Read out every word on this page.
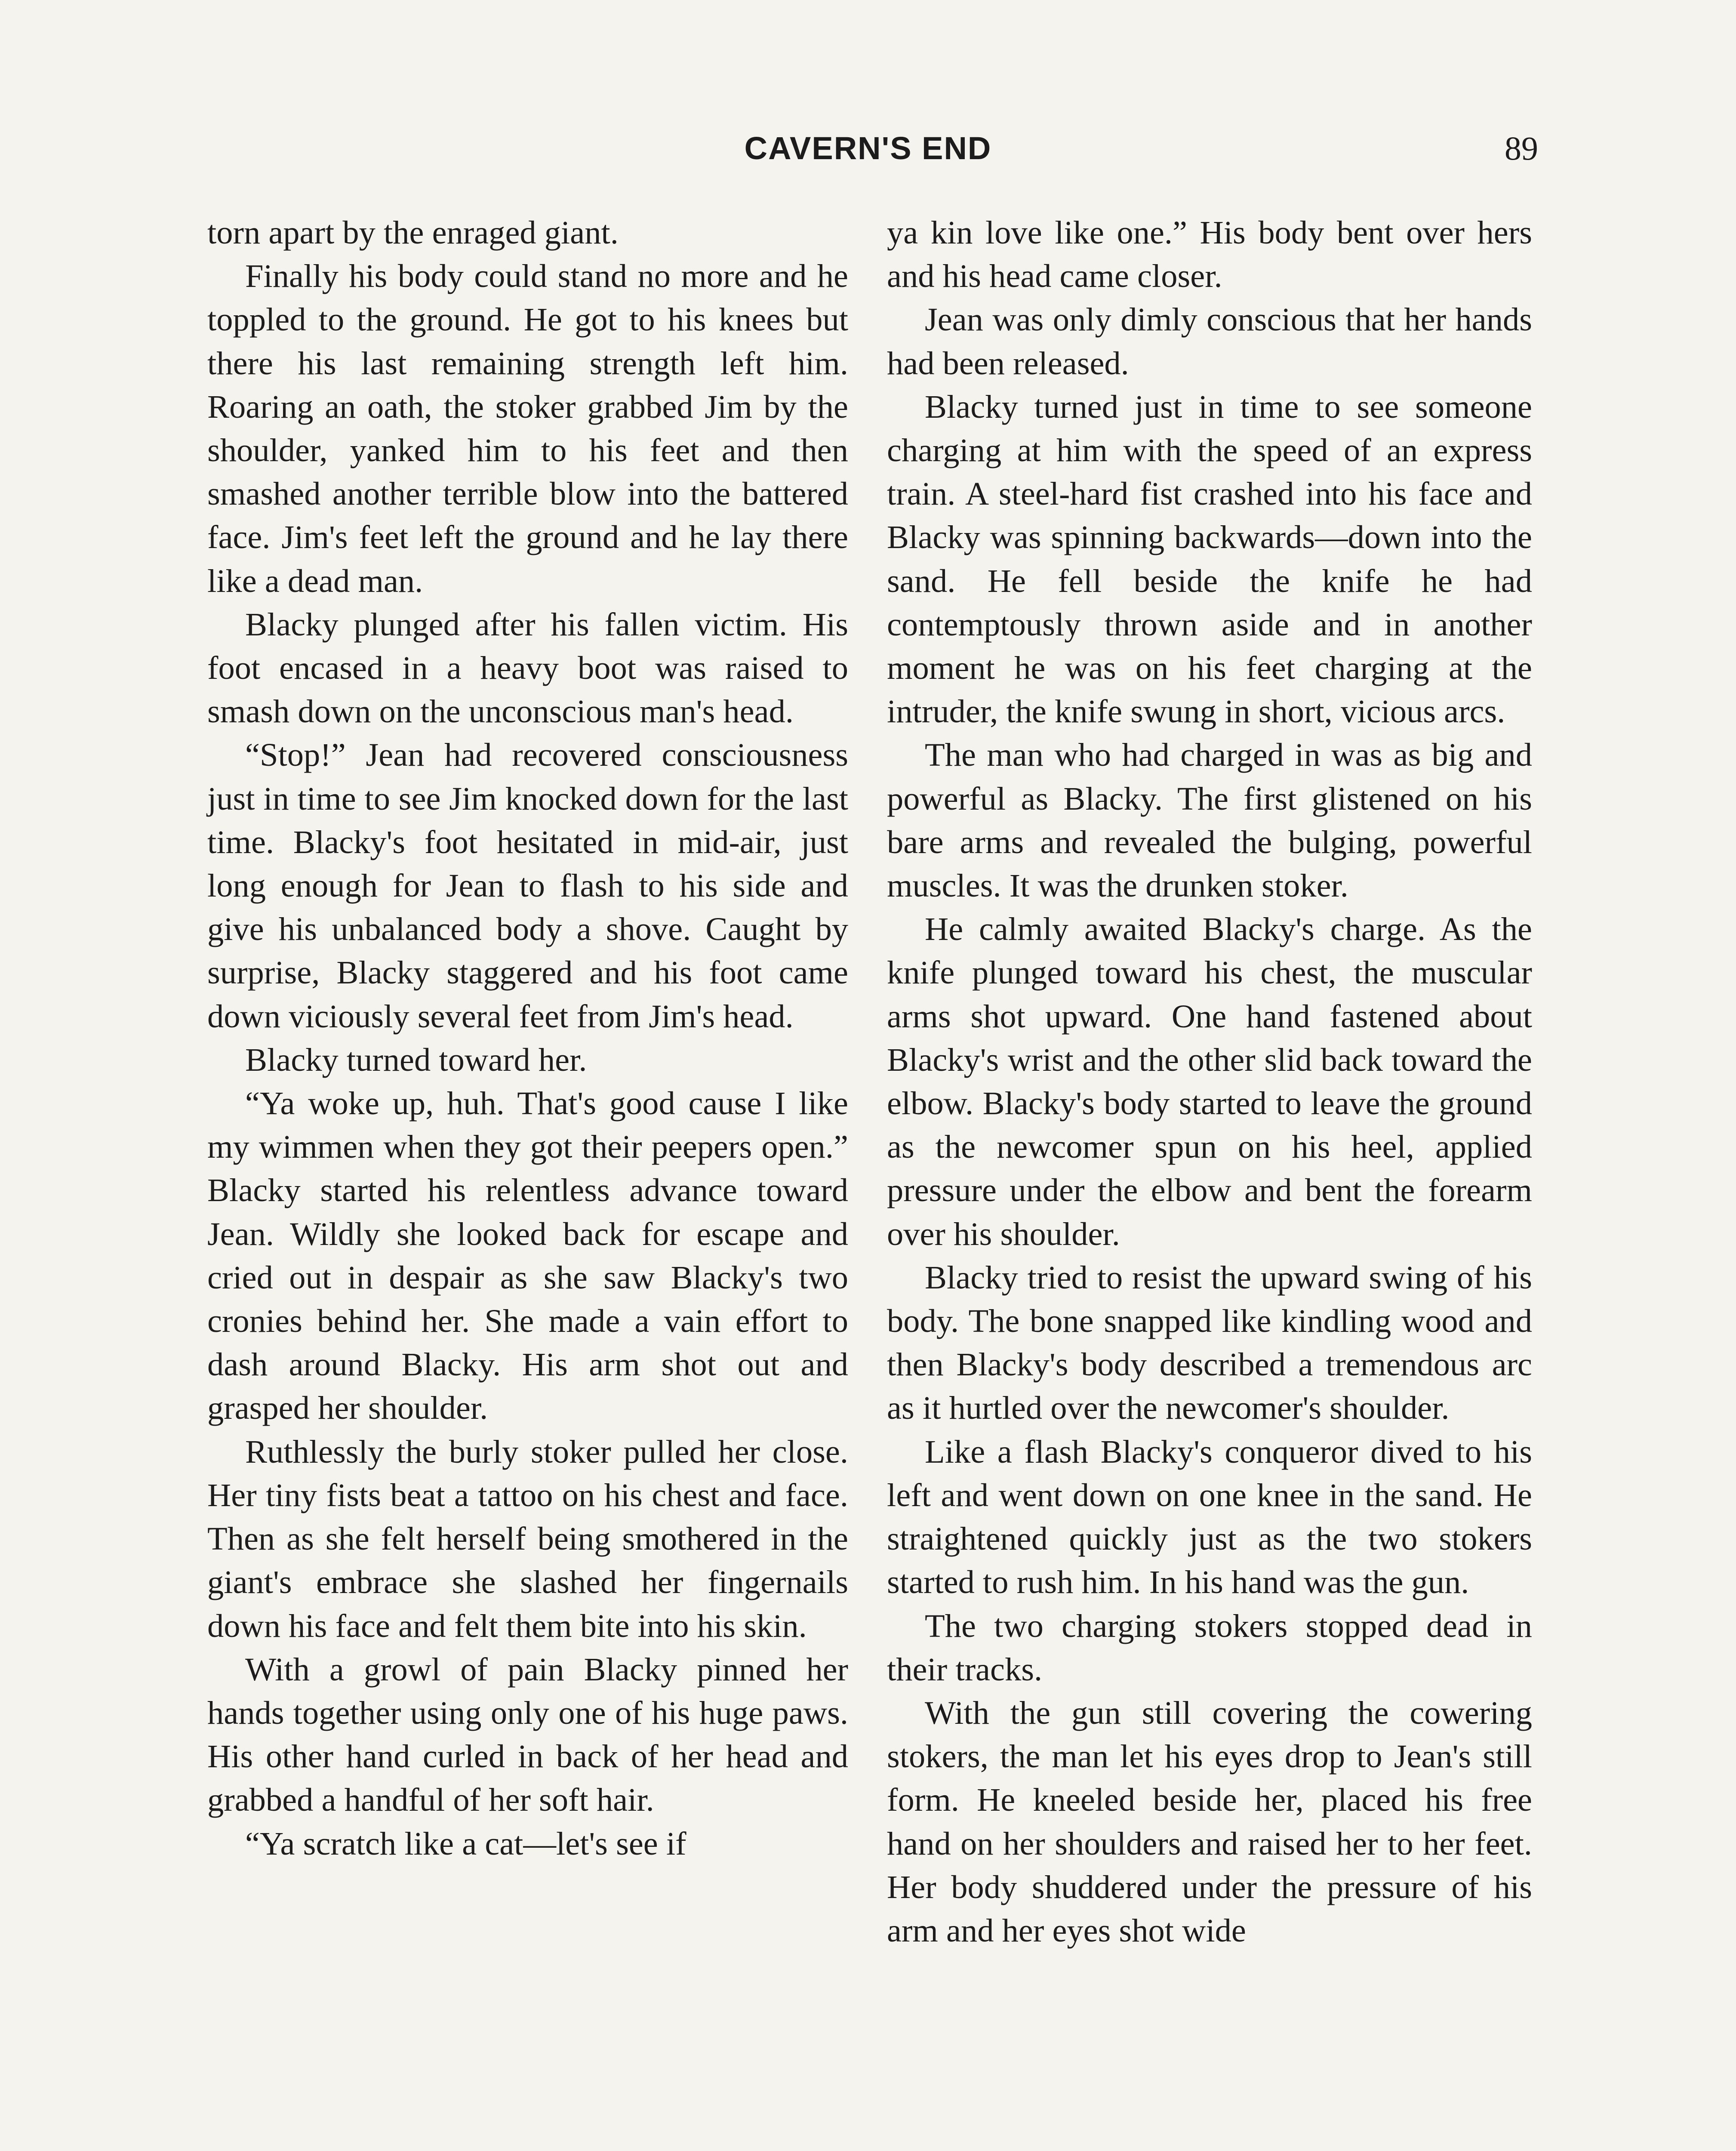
CAVERN'S END	89

torn apart by the enraged giant.

Finally his body could stand no more and he toppled to the ground. He got to his knees but there his last remaining strength left him. Roaring an oath, the stoker grabbed Jim by the shoulder, yanked him to his feet and then smashed another terrible blow into the battered face. Jim's feet left the ground and he lay there like a dead man.

Blacky plunged after his fallen victim. His foot encased in a heavy boot was raised to smash down on the unconscious man's head.

“Stop!” Jean had recovered consciousness just in time to see Jim knocked down for the last time. Blacky's foot hesitated in mid-air, just long enough for Jean to flash to his side and give his unbalanced body a shove. Caught by surprise, Blacky staggered and his foot came down viciously several feet from Jim's head.

Blacky turned toward her.

“Ya woke up, huh. That's good cause I like my wimmen when they got their peepers open.” Blacky started his relentless advance toward Jean. Wildly she looked back for escape and cried out in despair as she saw Blacky's two cronies behind her. She made a vain effort to dash around Blacky. His arm shot out and grasped her shoulder.

Ruthlessly the burly stoker pulled her close. Her tiny fists beat a tattoo on his chest and face. Then as she felt herself being smothered in the giant's embrace she slashed her fingernails down his face and felt them bite into his skin.

With a growl of pain Blacky pinned her hands together using only one of his huge paws. His other hand curled in back of her head and grabbed a handful of her soft hair.

“Ya scratch like a cat—let's see if

ya kin love like one.” His body bent over hers and his head came closer.

Jean was only dimly conscious that her hands had been released.

Blacky turned just in time to see someone charging at him with the speed of an express train. A steel-hard fist crashed into his face and Blacky was spinning backwards—down into the sand. He fell beside the knife he had contemptously thrown aside and in another moment he was on his feet charging at the intruder, the knife swung in short, vicious arcs.

The man who had charged in was as big and powerful as Blacky. The first glistened on his bare arms and revealed the bulging, powerful muscles. It was the drunken stoker.

He calmly awaited Blacky's charge. As the knife plunged toward his chest, the muscular arms shot upward. One hand fastened about Blacky's wrist and the other slid back toward the elbow. Blacky's body started to leave the ground as the newcomer spun on his heel, applied pressure under the elbow and bent the forearm over his shoulder.

Blacky tried to resist the upward swing of his body. The bone snapped like kindling wood and then Blacky's body described a tremendous arc as it hurtled over the newcomer's shoulder.

Like a flash Blacky's conqueror dived to his left and went down on one knee in the sand. He straightened quickly just as the two stokers started to rush him. In his hand was the gun.

The two charging stokers stopped dead in their tracks.

With the gun still covering the cowering stokers, the man let his eyes drop to Jean's still form. He kneeled beside her, placed his free hand on her shoulders and raised her to her feet. Her body shuddered under the pressure of his arm and her eyes shot wide
